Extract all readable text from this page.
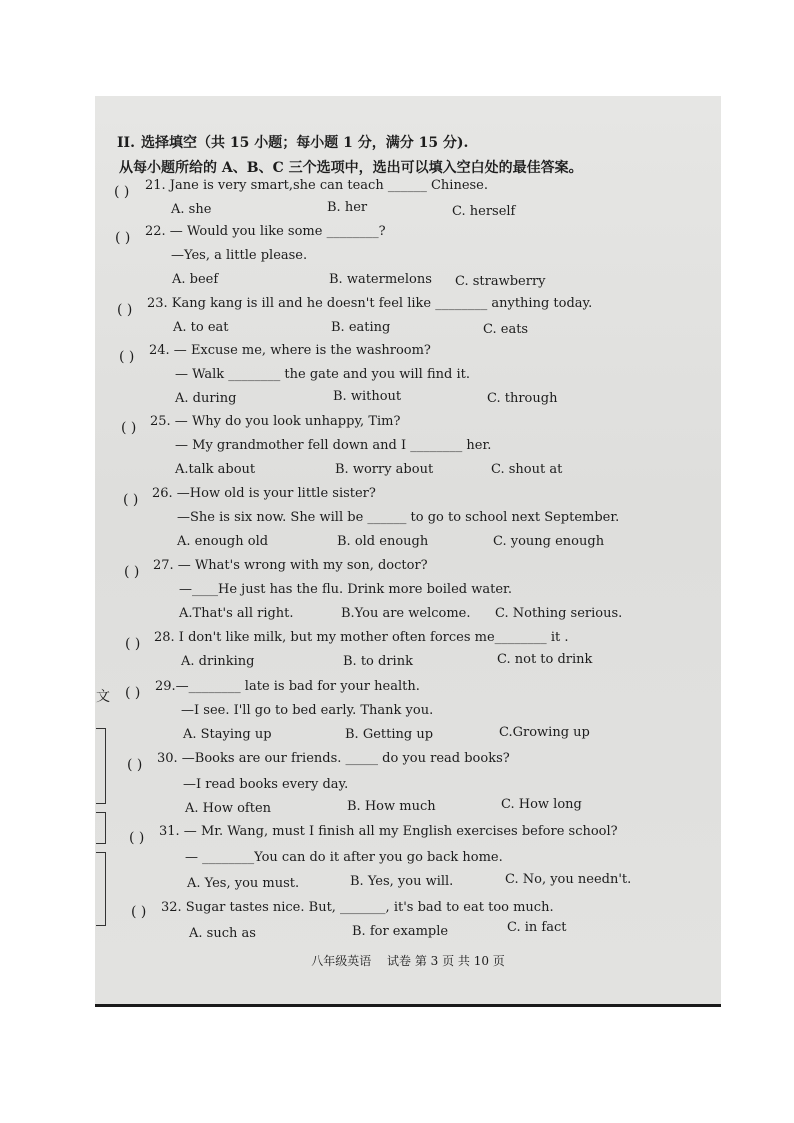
II. 选择填空（共 15 小题；每小题 1 分，满分 15 分).
从每小题所给的 A、B、C 三个选项中，选出可以填入空白处的最佳答案。
( ) 21. Jane is very smart,she can teach ______ Chinese.
A. she	B. her	C. herself
( ) 22. — Would you like some ________?
—Yes, a little please.
A. beef	B. watermelons C. strawberry
( ) 23. Kang kang is ill and he doesn't feel like ________ anything today.
A. to eat	B. eating	C. eats
( ) 24. — Excuse me, where is the washroom?
— Walk ________ the gate and you will find it.
A. during	B. without	C. through
( ) 25. — Why do you look unhappy, Tim?
— My grandmother fell down and I ________ her.
A.talk about	B. worry about	C. shout at
( ) 26. —How old is your little sister?
—She is six now. She will be ______ to go to school next September.
A. enough old	B. old enough	C. young enough
( ) 27. — What's wrong with my son, doctor?
—____He just has the flu. Drink more boiled water.
A.That's all right.	B.You are welcome. C. Nothing serious.
( ) 28. I don't like milk, but my mother often forces me________ it .
A. drinking	B. to drink	C. not to drink
( ) 29.—________ late is bad for your health.
—I see. I'll go to bed early. Thank you.
A. Staying up	B. Getting up	C.Growing up
( ) 30. —Books are our friends. _____ do you read books?
—I read books every day.
A. How often	B. How much	C. How long
( ) 31. — Mr. Wang, must I finish all my English exercises before school?
— ________You can do it after you go back home.
A. Yes, you must.	B. Yes, you will.	C. No, you needn't.
( ) 32. Sugar tastes nice. But, _______, it's bad to eat too much.
A. such as	B. for example	C. in fact
八年级英语　 试卷 第 3 页 共 10 页
文
